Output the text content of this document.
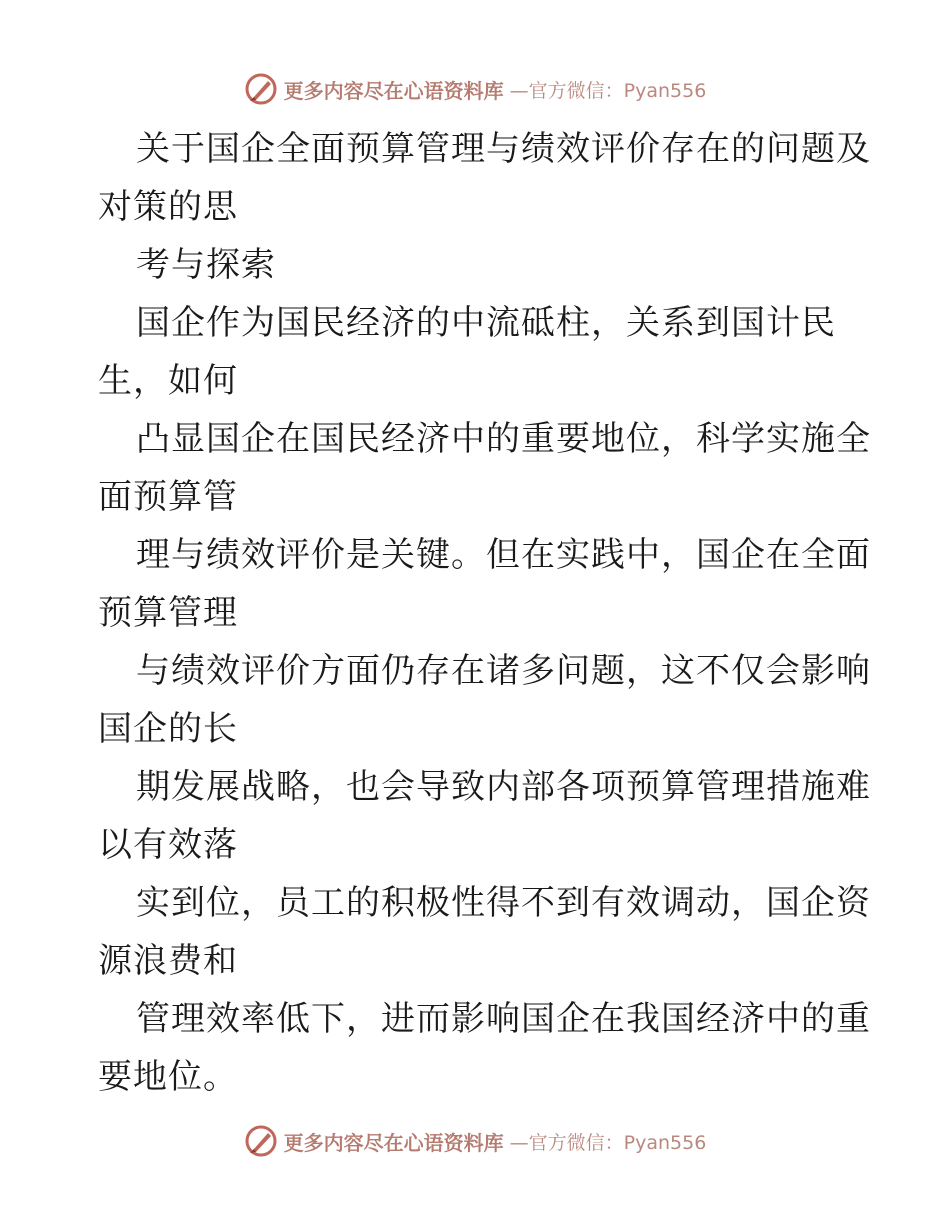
更多内容尽在心语资料库 —官方微信：Pyan556
关于国企全面预算管理与绩效评价存在的问题及
对策的思
考与探索
国企作为国民经济的中流砥柱，关系到国计民
生，如何
凸显国企在国民经济中的重要地位，科学实施全
面预算管
理与绩效评价是关键。但在实践中，国企在全面
预算管理
与绩效评价方面仍存在诸多问题，这不仅会影响
国企的长
期发展战略，也会导致内部各项预算管理措施难
以有效落
实到位，员工的积极性得不到有效调动，国企资
源浪费和
管理效率低下，进而影响国企在我国经济中的重
要地位。
更多内容尽在心语资料库 —官方微信：Pyan556
